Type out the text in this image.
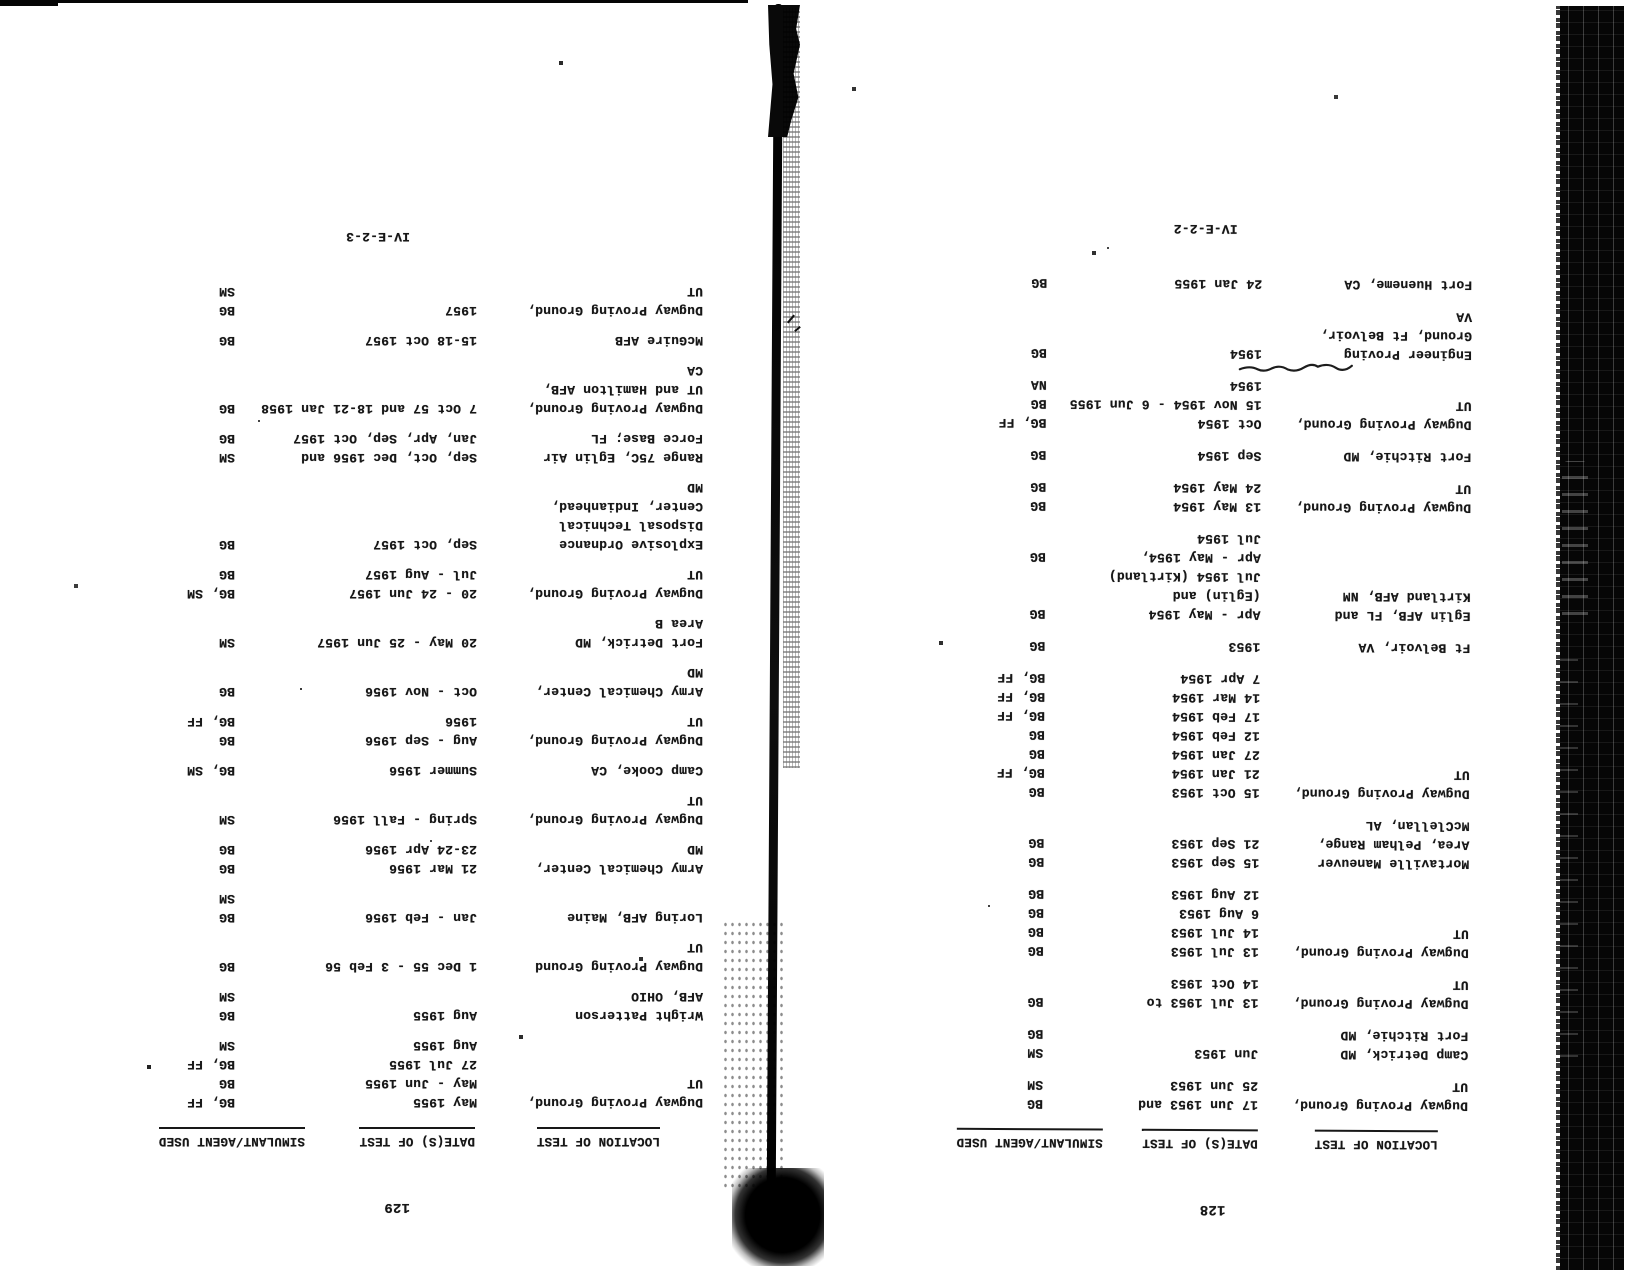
129
LOCATION OF TEST
DATE(S) OF TEST
SIMULANT/AGENT USED
Dugway Proving Ground,
May 1955
BG, FF
UT
May - Jun 1955
BG
27 Jul 1955
BG, FF
Aug 1955
SM
Wright Patterson
Aug 1955
BG
AFB, OHIO
SM
Dugway Proving Ground
1 Dec 55 - 3 Feb 56
BG
UT
Loring AFB, Maine
Jan - Feb 1956
BG
SM
Army Chemical Center,
21 Mar 1956
BG
MD
23-24 Apr 1956
BG
Dugway Proving Ground,
Spring - Fall 1956
SM
UT
Camp Cooke, CA
Summer 1956
BG, SM
Dugway Proving Ground,
Aug - Sep 1956
BG
UT
1956
BG, FF
Army Chemical Center,
Oct - Nov 1956
BG
MD
Fort Detrick, MD
20 May - 25 Jun 1957
SM
Area B
Dugway Proving Ground,
20 - 24 Jun 1957
BG, SM
UT
Jul - Aug 1957
BG
Explosive Ordnance
Sep, Oct 1957
BG
Disposal Technical
Center, Indianhead,
MD
Range 75C, Eglin Air
Sep, Oct, Dec 1956 and
SM
Force Base; FL
Jan, Apr, Sep, Oct 1957
BG
Dugway Proving Ground,
7 Oct 57 and 18-21 Jan 1958
BG
UT and Hamilton AFB,
CA
McGuire AFB
15-18 Oct 1957
BG
Dugway Proving Ground,
1957
BG
UT
SM
IV-E-2-3
128
LOCATION OF TEST
DATE(S) OF TEST
SIMULANT/AGENT USED
Dugway Proving Ground,
17 Jun 1953 and
BG
UT
25 Jun 1953
SM
Camp Detrick, MD
Jun 1953
SM
Fort Ritchie, MD
BG
Dugway Proving Ground,
13 Jul 1953 to
BG
UT
14 Oct 1953
Dugway Proving Ground,
13 Jul 1953
BG
UT
14 Jul 1953
BG
6 Aug 1953
BG
12 Aug 1953
BG
Mortaville Maneuver
15 Sep 1953
BG
Area, Pelham Range,
21 Sep 1953
BG
McClellan, AL
Dugway Proving Ground,
15 Oct 1953
BG
UT
21 Jan 1954
BG, FF
27 Jan 1954
BG
12 Feb 1954
BG
17 Feb 1954
BG, FF
14 Mar 1954
BG, FF
7 Apr 1954
BG, FF
Ft Belvoir, VA
1953
BG
Eglin AFB, FL and
Apr - May 1954
BG
Kirtland AFB, NM
(Eglin) and
Jul 1954 (Kirtland)
Apr - May 1954,
BG
Jul 1954
Dugway Proving Ground,
13 May 1954
BG
UT
24 May 1954
BG
Fort Ritchie, MD
Sep 1954
BG
Dugway Proving Ground,
Oct 1954
BG, FF
UT
15 Nov 1954 - 6 Jun 1955
BG
1954
NA
Engineer Proving
1954
BG
Ground, Ft Belvoir,
VA
Fort Hueneme, CA
24 Jan 1955
BG
IV-E-2-2
